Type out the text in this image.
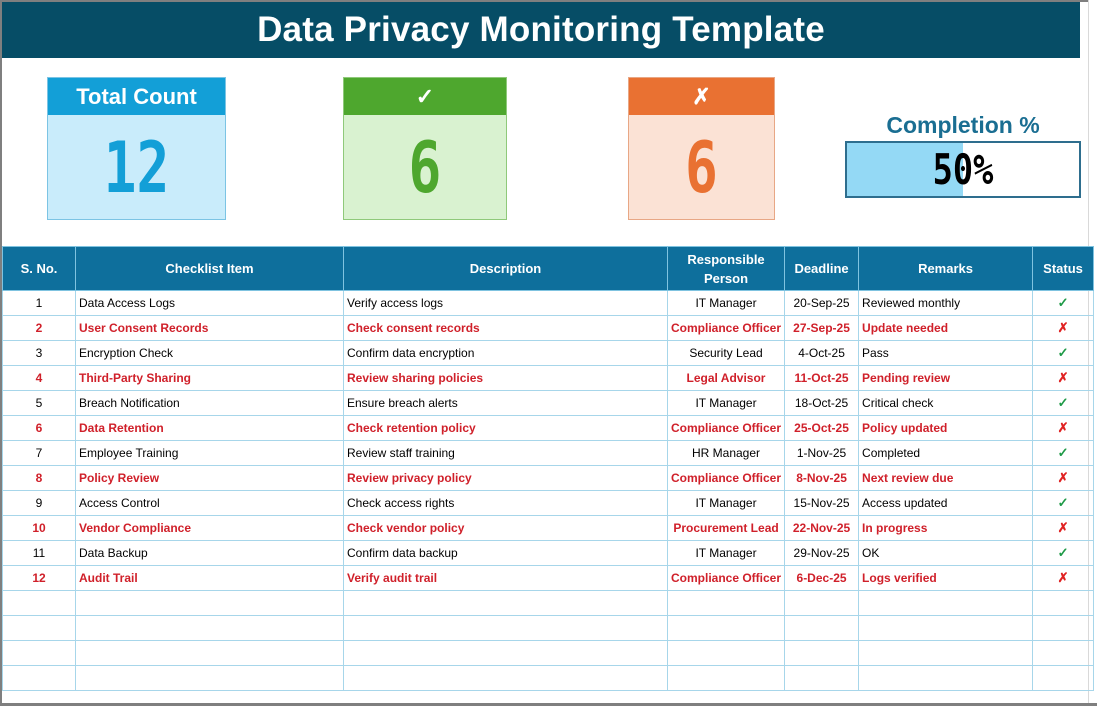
Data Privacy Monitoring Template
Total Count
12
✓
6
✗
6
Completion %
50%
S. No.	Checklist Item	Description	Responsible Person	Deadline	Remarks	Status
1	Data Access Logs	Verify access logs	IT Manager	20-Sep-25	Reviewed monthly	✓
2	User Consent Records	Check consent records	Compliance Officer	27-Sep-25	Update needed	✗
3	Encryption Check	Confirm data encryption	Security Lead	4-Oct-25	Pass	✓
4	Third-Party Sharing	Review sharing policies	Legal Advisor	11-Oct-25	Pending review	✗
5	Breach Notification	Ensure breach alerts	IT Manager	18-Oct-25	Critical check	✓
6	Data Retention	Check retention policy	Compliance Officer	25-Oct-25	Policy updated	✗
7	Employee Training	Review staff training	HR Manager	1-Nov-25	Completed	✓
8	Policy Review	Review privacy policy	Compliance Officer	8-Nov-25	Next review due	✗
9	Access Control	Check access rights	IT Manager	15-Nov-25	Access updated	✓
10	Vendor Compliance	Check vendor policy	Procurement Lead	22-Nov-25	In progress	✗
11	Data Backup	Confirm data backup	IT Manager	29-Nov-25	OK	✓
12	Audit Trail	Verify audit trail	Compliance Officer	6-Dec-25	Logs verified	✗
